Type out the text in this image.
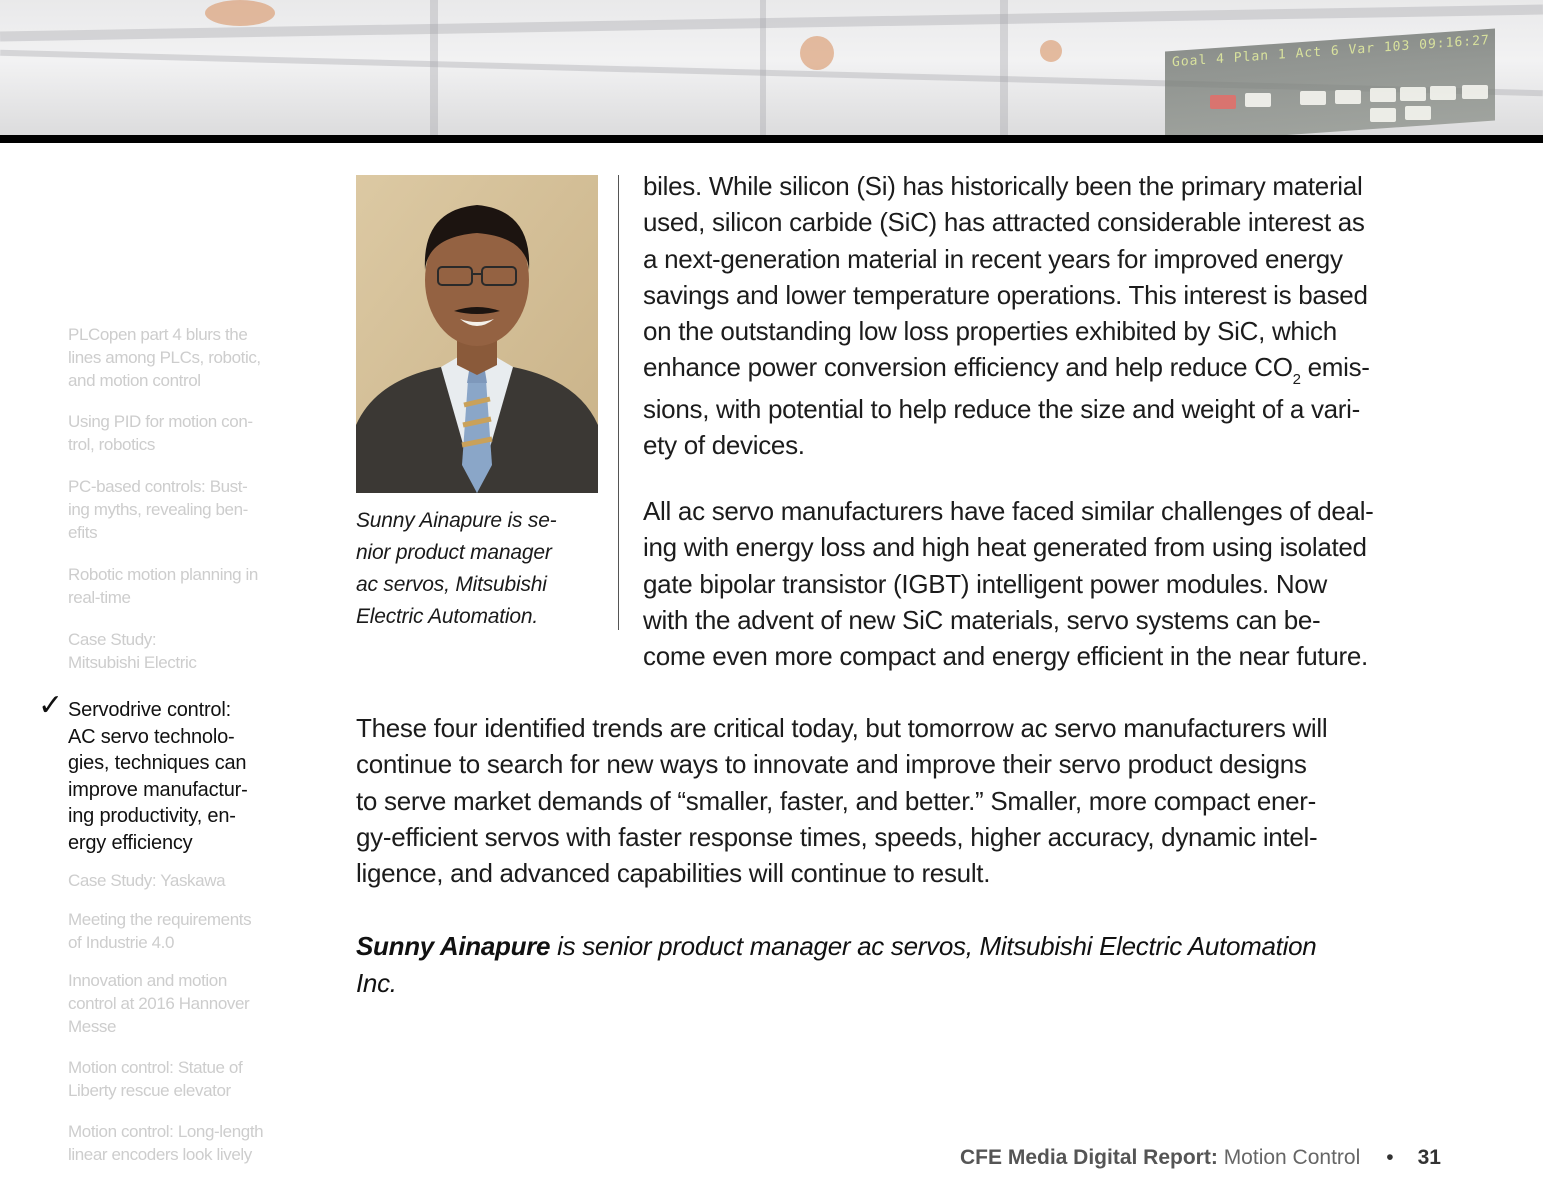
Goal 4 Plan 1 Act 6 Var 103 09:16:27
PLCopen part 4 blurs the
lines among PLCs, robotic,
and motion control
Using PID for motion con-
trol, robotics
PC-based controls: Bust-
ing myths, revealing ben-
efits
Robotic motion planning in
real-time
Case Study:
Mitsubishi Electric
Servodrive control:
AC servo technolo-
gies, techniques can
improve manufactur-
ing productivity, en-
ergy efficiency
Case Study: Yaskawa
Meeting the requirements
of Industrie 4.0
Innovation and motion
control at 2016 Hannover
Messe
Motion control: Statue of
Liberty rescue elevator
Motion control: Long-length
linear encoders look lively
✓
Sunny Ainapure is se-
nior product manager
ac servos, Mitsubishi
Electric Automation.
biles. While silicon (Si) has historically been the primary material
used, silicon carbide (SiC) has attracted considerable interest as
a next-generation material in recent years for improved energy
savings and lower temperature operations. This interest is based
on the outstanding low loss properties exhibited by SiC, which
enhance power conversion efficiency and help reduce $CO_2$ emis-
sions, with potential to help reduce the size and weight of a vari-
ety of devices.
All ac servo manufacturers have faced similar challenges of deal-
ing with energy loss and high heat generated from using isolated
gate bipolar transistor (IGBT) intelligent power modules. Now
with the advent of new SiC materials, servo systems can be-
come even more compact and energy efficient in the near future.
These four identified trends are critical today, but tomorrow ac servo manufacturers will
continue to search for new ways to innovate and improve their servo product designs
to serve market demands of “smaller, faster, and better.” Smaller, more compact ener-
gy-efficient servos with faster response times, speeds, higher accuracy, dynamic intel-
ligence, and advanced capabilities will continue to result.
Sunny Ainapure is senior product manager ac servos, Mitsubishi Electric Automation
Inc.
CFE Media Digital Report: Motion Control • 31
